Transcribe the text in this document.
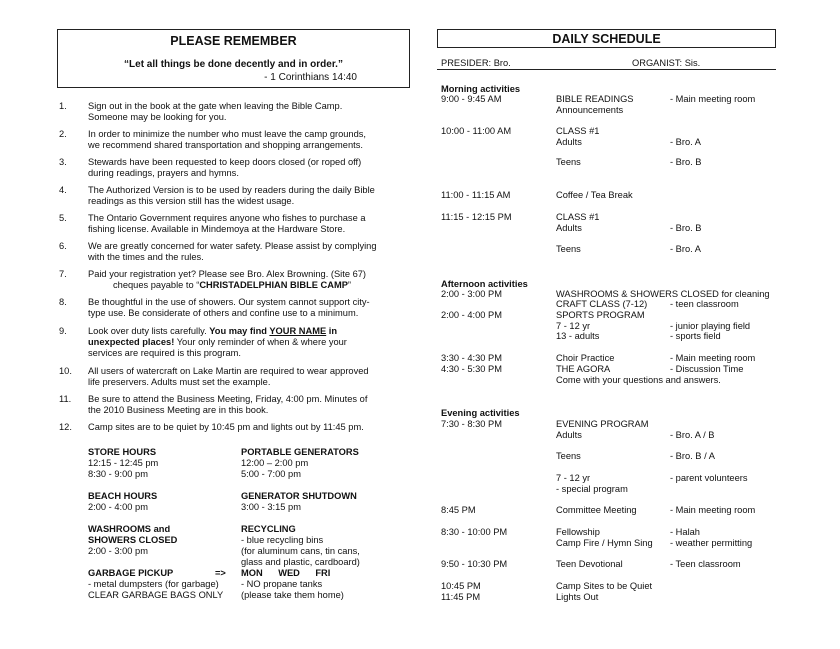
PLEASE REMEMBER
“Let all things be done decently and in order.”
- 1 Corinthians 14:40
1.	Sign out in the book at the gate when leaving the Bible Camp.
Someone may be looking for you.
2.	In order to minimize the number who must leave the camp grounds,
we recommend shared transportation and shopping arrangements.
3.	Stewards have been requested to keep doors closed (or roped off)
during readings, prayers and hymns.
4.	The Authorized Version is to be used by readers during the daily Bible
readings as this version still has the widest usage.
5.	The Ontario Government requires anyone who fishes to purchase a
fishing license. Available in Mindemoya at the Hardware Store.
6.	We are greatly concerned for water safety. Please assist by complying
with the times and the rules.
7.	Paid your registration yet? Please see Bro. Alex Browning. (Site 67)
cheques payable to “CHRISTADELPHIAN BIBLE CAMP”
8.	Be thoughtful in the use of showers. Our system cannot support city-
type use. Be considerate of others and confine use to a minimum.
9.	Look over duty lists carefully. You may find YOUR NAME in
unexpected places! Your only reminder of when & where your
services are required is this program.
10.	All users of watercraft on Lake Martin are required to wear approved
life preservers. Adults must set the example.
11.	Be sure to attend the Business Meeting, Friday, 4:00 pm. Minutes of
the 2010 Business Meeting are in this book.
12.	Camp sites are to be quiet by 10:45 pm and lights out by 11:45 pm.
STORE HOURS
12:15 - 12:45 pm
8:30 - 9:00 pm
PORTABLE GENERATORS
12:00 – 2:00 pm
5:00 - 7:00 pm
BEACH HOURS
2:00 - 4:00 pm
GENERATOR SHUTDOWN
3:00 - 3:15 pm
WASHROOMS and
SHOWERS CLOSED
2:00 - 3:00 pm
RECYCLING
- blue recycling bins
(for aluminum cans, tin cans,
glass and plastic, cardboard)
GARBAGE PICKUP	=> MON      WED      FRI
- metal dumpsters (for garbage) - NO propane tanks
CLEAR GARBAGE BAGS ONLY (please take them home)
DAILY SCHEDULE
PRESIDER: Bro.	ORGANIST: Sis.
Morning activities
Afternoon activities
Evening activities
9:00 - 9:45 AM	BIBLE READINGS	- Main meeting room
Announcements
10:00 - 11:00 AM	CLASS #1
Adults	- Bro. A
Teens	- Bro. B
11:00 - 11:15 AM	Coffee / Tea Break
11:15 - 12:15 PM	CLASS #1
Adults	- Bro. B
Teens	- Bro. A
2:00 - 3:00 PM	WASHROOMS & SHOWERS CLOSED for cleaning
CRAFT CLASS (7-12) - teen classroom
2:00 - 4:00 PM	SPORTS PROGRAM
7 - 12 yr	- junior playing field
13 - adults	- sports field
3:30 - 4:30 PM	Choir Practice	- Main meeting room
4:30 - 5:30 PM	THE AGORA	- Discussion Time
Come with your questions and answers.
7:30 - 8:30 PM	EVENING PROGRAM
Adults	- Bro. A / B
Teens	- Bro. B / A
7 - 12 yr	- parent volunteers
- special program
8:45 PM	Committee Meeting	- Main meeting room
8:30 - 10:00 PM	Fellowship	- Halah
Camp Fire / Hymn Sing - weather permitting
9:50 - 10:30 PM	Teen Devotional	- Teen classroom
10:45 PM	Camp Sites to be Quiet
11:45 PM	Lights Out
